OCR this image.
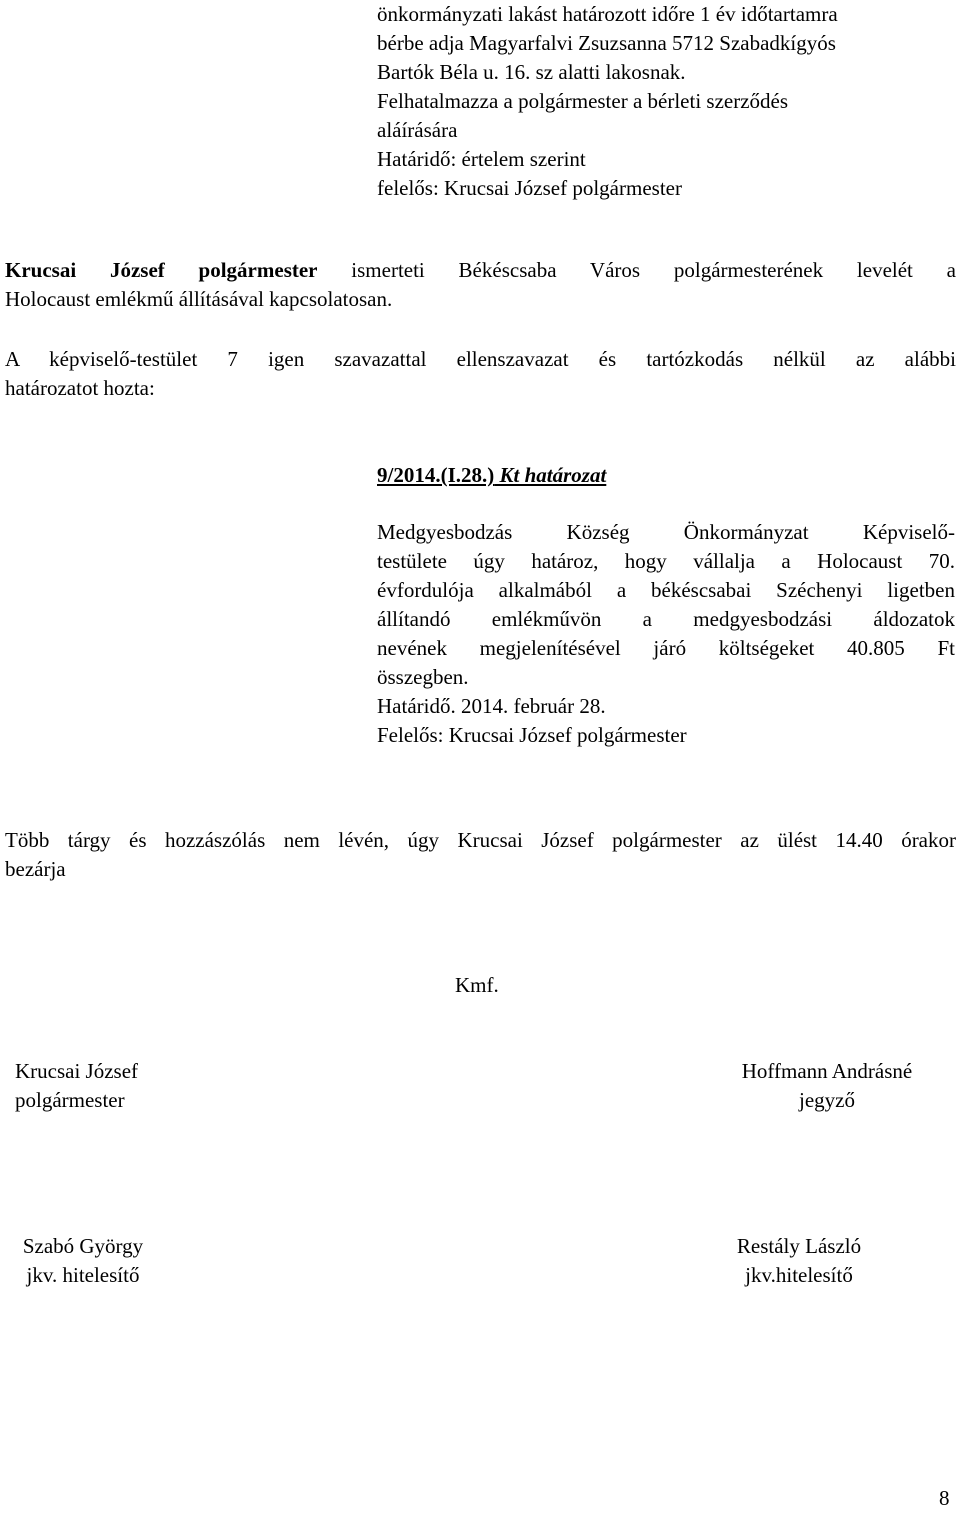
önkormányzati lakást határozott időre 1 év időtartamra
bérbe adja Magyarfalvi Zsuzsanna 5712 Szabadkígyós
Bartók Béla u. 16. sz alatti lakosnak.
Felhatalmazza a polgármester a bérleti szerződés
aláírására
Határidő: értelem szerint
felelős: Krucsai József polgármester
Krucsai József polgármester ismerteti Békéscsaba Város polgármesterének levelét a
Holocaust emlékmű állításával kapcsolatosan.
A képviselő-testület 7 igen szavazattal ellenszavazat és tartózkodás nélkül az alábbi
határozatot hozta:
9/2014.(I.28.) Kt határozat
Medgyesbodzás Község Önkormányzat Képviselő-
testülete úgy határoz, hogy vállalja a Holocaust 70.
évfordulója alkalmából a békéscsabai Széchenyi ligetben
állítandó emlékművön a medgyesbodzási áldozatok
nevének megjelenítésével járó költségeket 40.805 Ft
összegben.
Határidő. 2014. február 28.
Felelős: Krucsai József polgármester
Több tárgy és hozzászólás nem lévén, úgy Krucsai József polgármester az ülést 14.40 órakor
bezárja
Kmf.
Krucsai József
polgármester
Hoffmann Andrásné
jegyző
Szabó György
jkv. hitelesítő
Restály László
jkv.hitelesítő
8
